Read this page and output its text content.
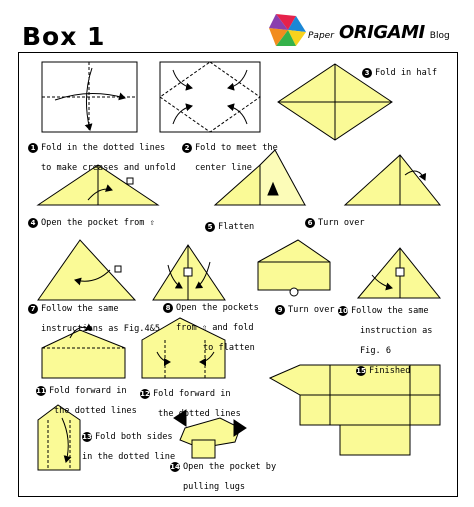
Box 1	Paper ORIGAMI Blog
1 Fold in the dotted lines

to make creases and unfold
2 Fold to meet the

center line
3 Fold in half
4 Open the pocket from ⇧	5 Flatten	6 Turn over
7 Follow the same

instructions as Fig.4&5
8 Open the pockets

from ⇧ and fold

to flatten
9 Turn over 10 Follow the same

instruction as

Fig. 6
11 Fold forward in

the dotted lines
12 Fold forward in

the dotted lines
13 Fold both sides

in the dotted line
14 Open the pocket by

pulling lugs
15 Finished
